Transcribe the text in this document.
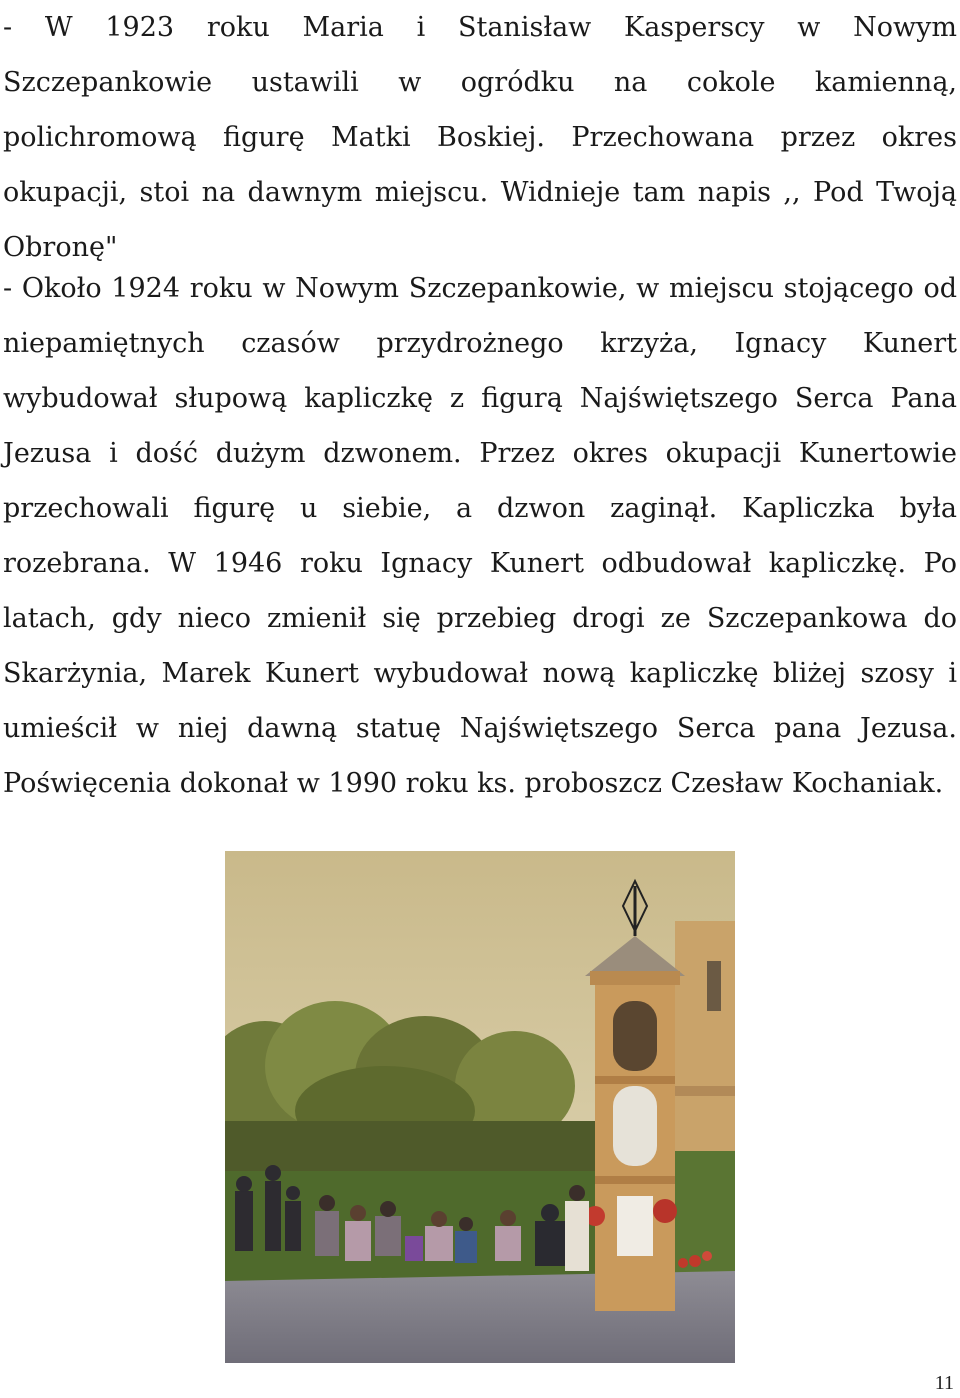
- W 1923 roku Maria i Stanisław Kasperscy w Nowym Szczepankowie ustawili w ogródku na cokole kamienną, polichromową figurę Matki Boskiej. Przechowana przez okres okupacji, stoi na dawnym miejscu. Widnieje tam napis ,, Pod Twoją Obronę"

- Około 1924 roku w Nowym Szczepankowie, w miejscu stojącego od niepamiętnych czasów przydrożnego krzyża, Ignacy Kunert wybudował słupową kapliczkę z figurą Najświętszego Serca Pana Jezusa i dość dużym dzwonem. Przez okres okupacji Kunertowie przechowali figurę u siebie, a dzwon zaginął. Kapliczka była rozebrana. W 1946 roku Ignacy Kunert odbudował kapliczkę. Po latach, gdy nieco zmienił się przebieg drogi ze Szczepankowa do Skarżynia, Marek Kunert wybudował nową kapliczkę bliżej szosy i umieścił w niej dawną statuę Najświętszego Serca pana Jezusa. Poświęcenia dokonał w 1990 roku ks. proboszcz Czesław Kochaniak.

11
